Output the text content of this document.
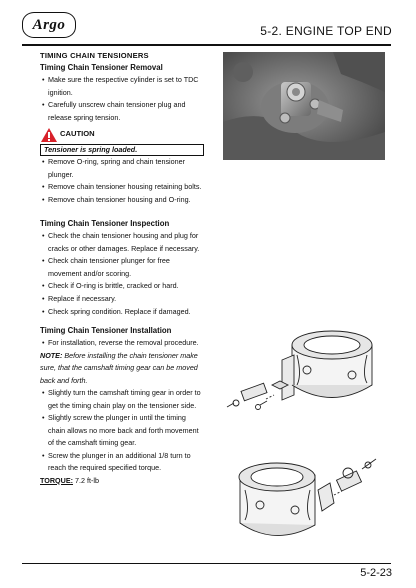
Argo	5-2. ENGINE TOP END

TIMING CHAIN TENSIONERS

Timing Chain Tensioner Removal

• Make sure the respective cylinder is set to TDC ignition.
• Carefully unscrew chain tensioner plug and release spring tension.
CAUTION
Tensioner is spring loaded.
• Remove O-ring, spring and chain tensioner plunger.
• Remove chain tensioner housing retaining bolts.
• Remove chain tensioner housing and O-ring.

Timing Chain Tensioner Inspection

• Check the chain tensioner housing and plug for cracks or other damages. Replace if necessary.
• Check chain tensioner plunger for free movement and/or scoring.
• Check if O-ring is brittle, cracked or hard.
• Replace if necessary.
• Check spring condition. Replace if damaged.

Timing Chain Tensioner Installation

• For installation, reverse the removal procedure.
NOTE: Before installing the chain tensioner make sure, that the camshaft timing gear can be moved back and forth.
• Slightly turn the camshaft timing gear in order to get the timing chain play on the tensioner side.
• Slightly screw the plunger in until the timing chain allows no more back and forth movement of the camshaft timing gear.
• Screw the plunger in an additional 1/8 turn to reach the required specified torque.
TORQUE: 7.2 ft-lb
5-2-23
